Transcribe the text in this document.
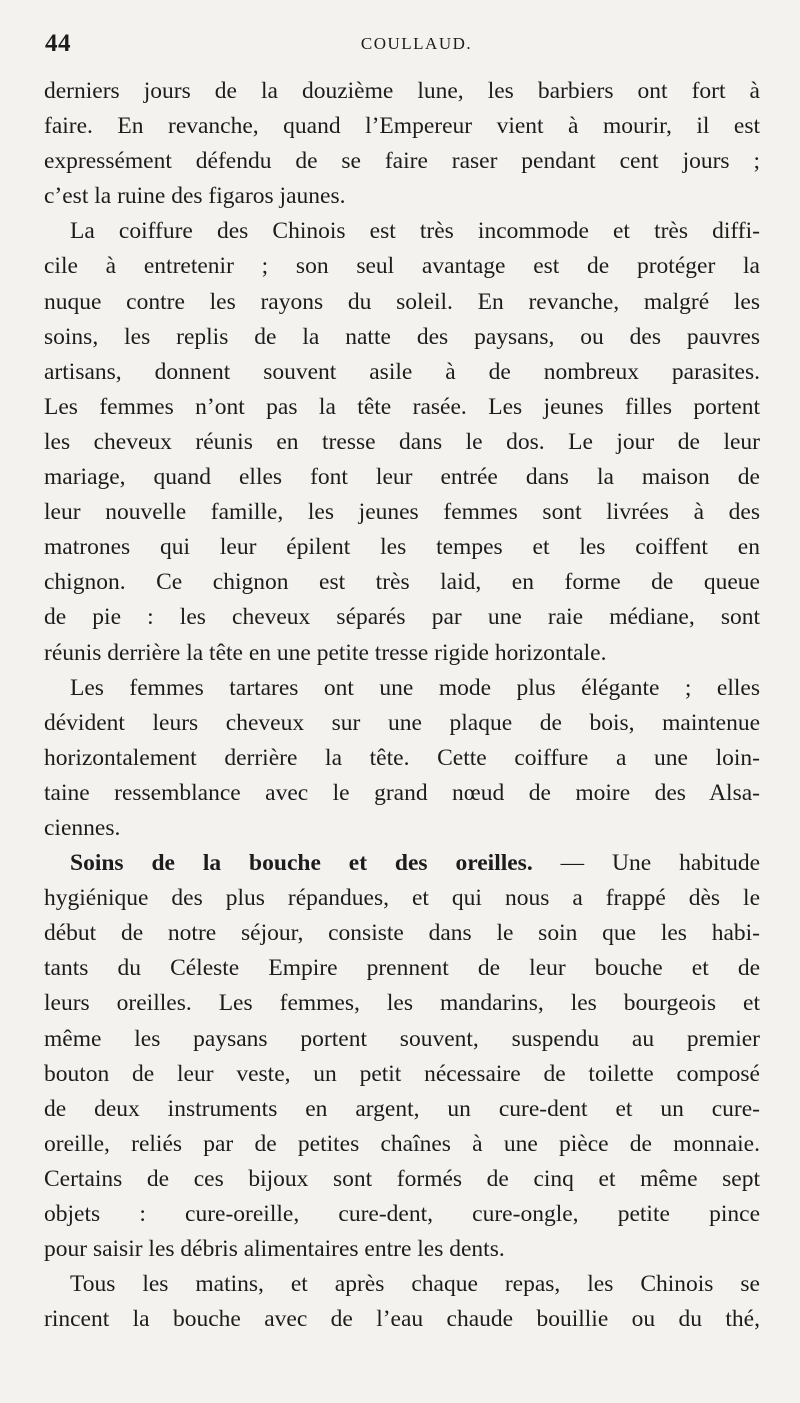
44	COULLAUD.
derniers jours de la douzième lune, les barbiers ont fort à
faire. En revanche, quand l’Empereur vient à mourir, il est
expressément défendu de se faire raser pendant cent jours ;
c’est la ruine des figaros jaunes.
La coiffure des Chinois est très incommode et très diffi-
cile à entretenir ; son seul avantage est de protéger la
nuque contre les rayons du soleil. En revanche, malgré les
soins, les replis de la natte des paysans, ou des pauvres
artisans, donnent souvent asile à de nombreux parasites.
Les femmes n’ont pas la tête rasée. Les jeunes filles portent
les cheveux réunis en tresse dans le dos. Le jour de leur
mariage, quand elles font leur entrée dans la maison de
leur nouvelle famille, les jeunes femmes sont livrées à des
matrones qui leur épilent les tempes et les coiffent en
chignon. Ce chignon est très laid, en forme de queue
de pie : les cheveux séparés par une raie médiane, sont
réunis derrière la tête en une petite tresse rigide horizontale.
Les femmes tartares ont une mode plus élégante ; elles
dévident leurs cheveux sur une plaque de bois, maintenue
horizontalement derrière la tête. Cette coiffure a une loin-
taine ressemblance avec le grand nœud de moire des Alsa-
ciennes.
Soins de la bouche et des oreilles. — Une habitude
hygiénique des plus répandues, et qui nous a frappé dès le
début de notre séjour, consiste dans le soin que les habi-
tants du Céleste Empire prennent de leur bouche et de
leurs oreilles. Les femmes, les mandarins, les bourgeois et
même les paysans portent souvent, suspendu au premier
bouton de leur veste, un petit nécessaire de toilette composé
de deux instruments en argent, un cure-dent et un cure-
oreille, reliés par de petites chaînes à une pièce de monnaie.
Certains de ces bijoux sont formés de cinq et même sept
objets : cure-oreille, cure-dent, cure-ongle, petite pince
pour saisir les débris alimentaires entre les dents.
Tous les matins, et après chaque repas, les Chinois se
rincent la bouche avec de l’eau chaude bouillie ou du thé,
